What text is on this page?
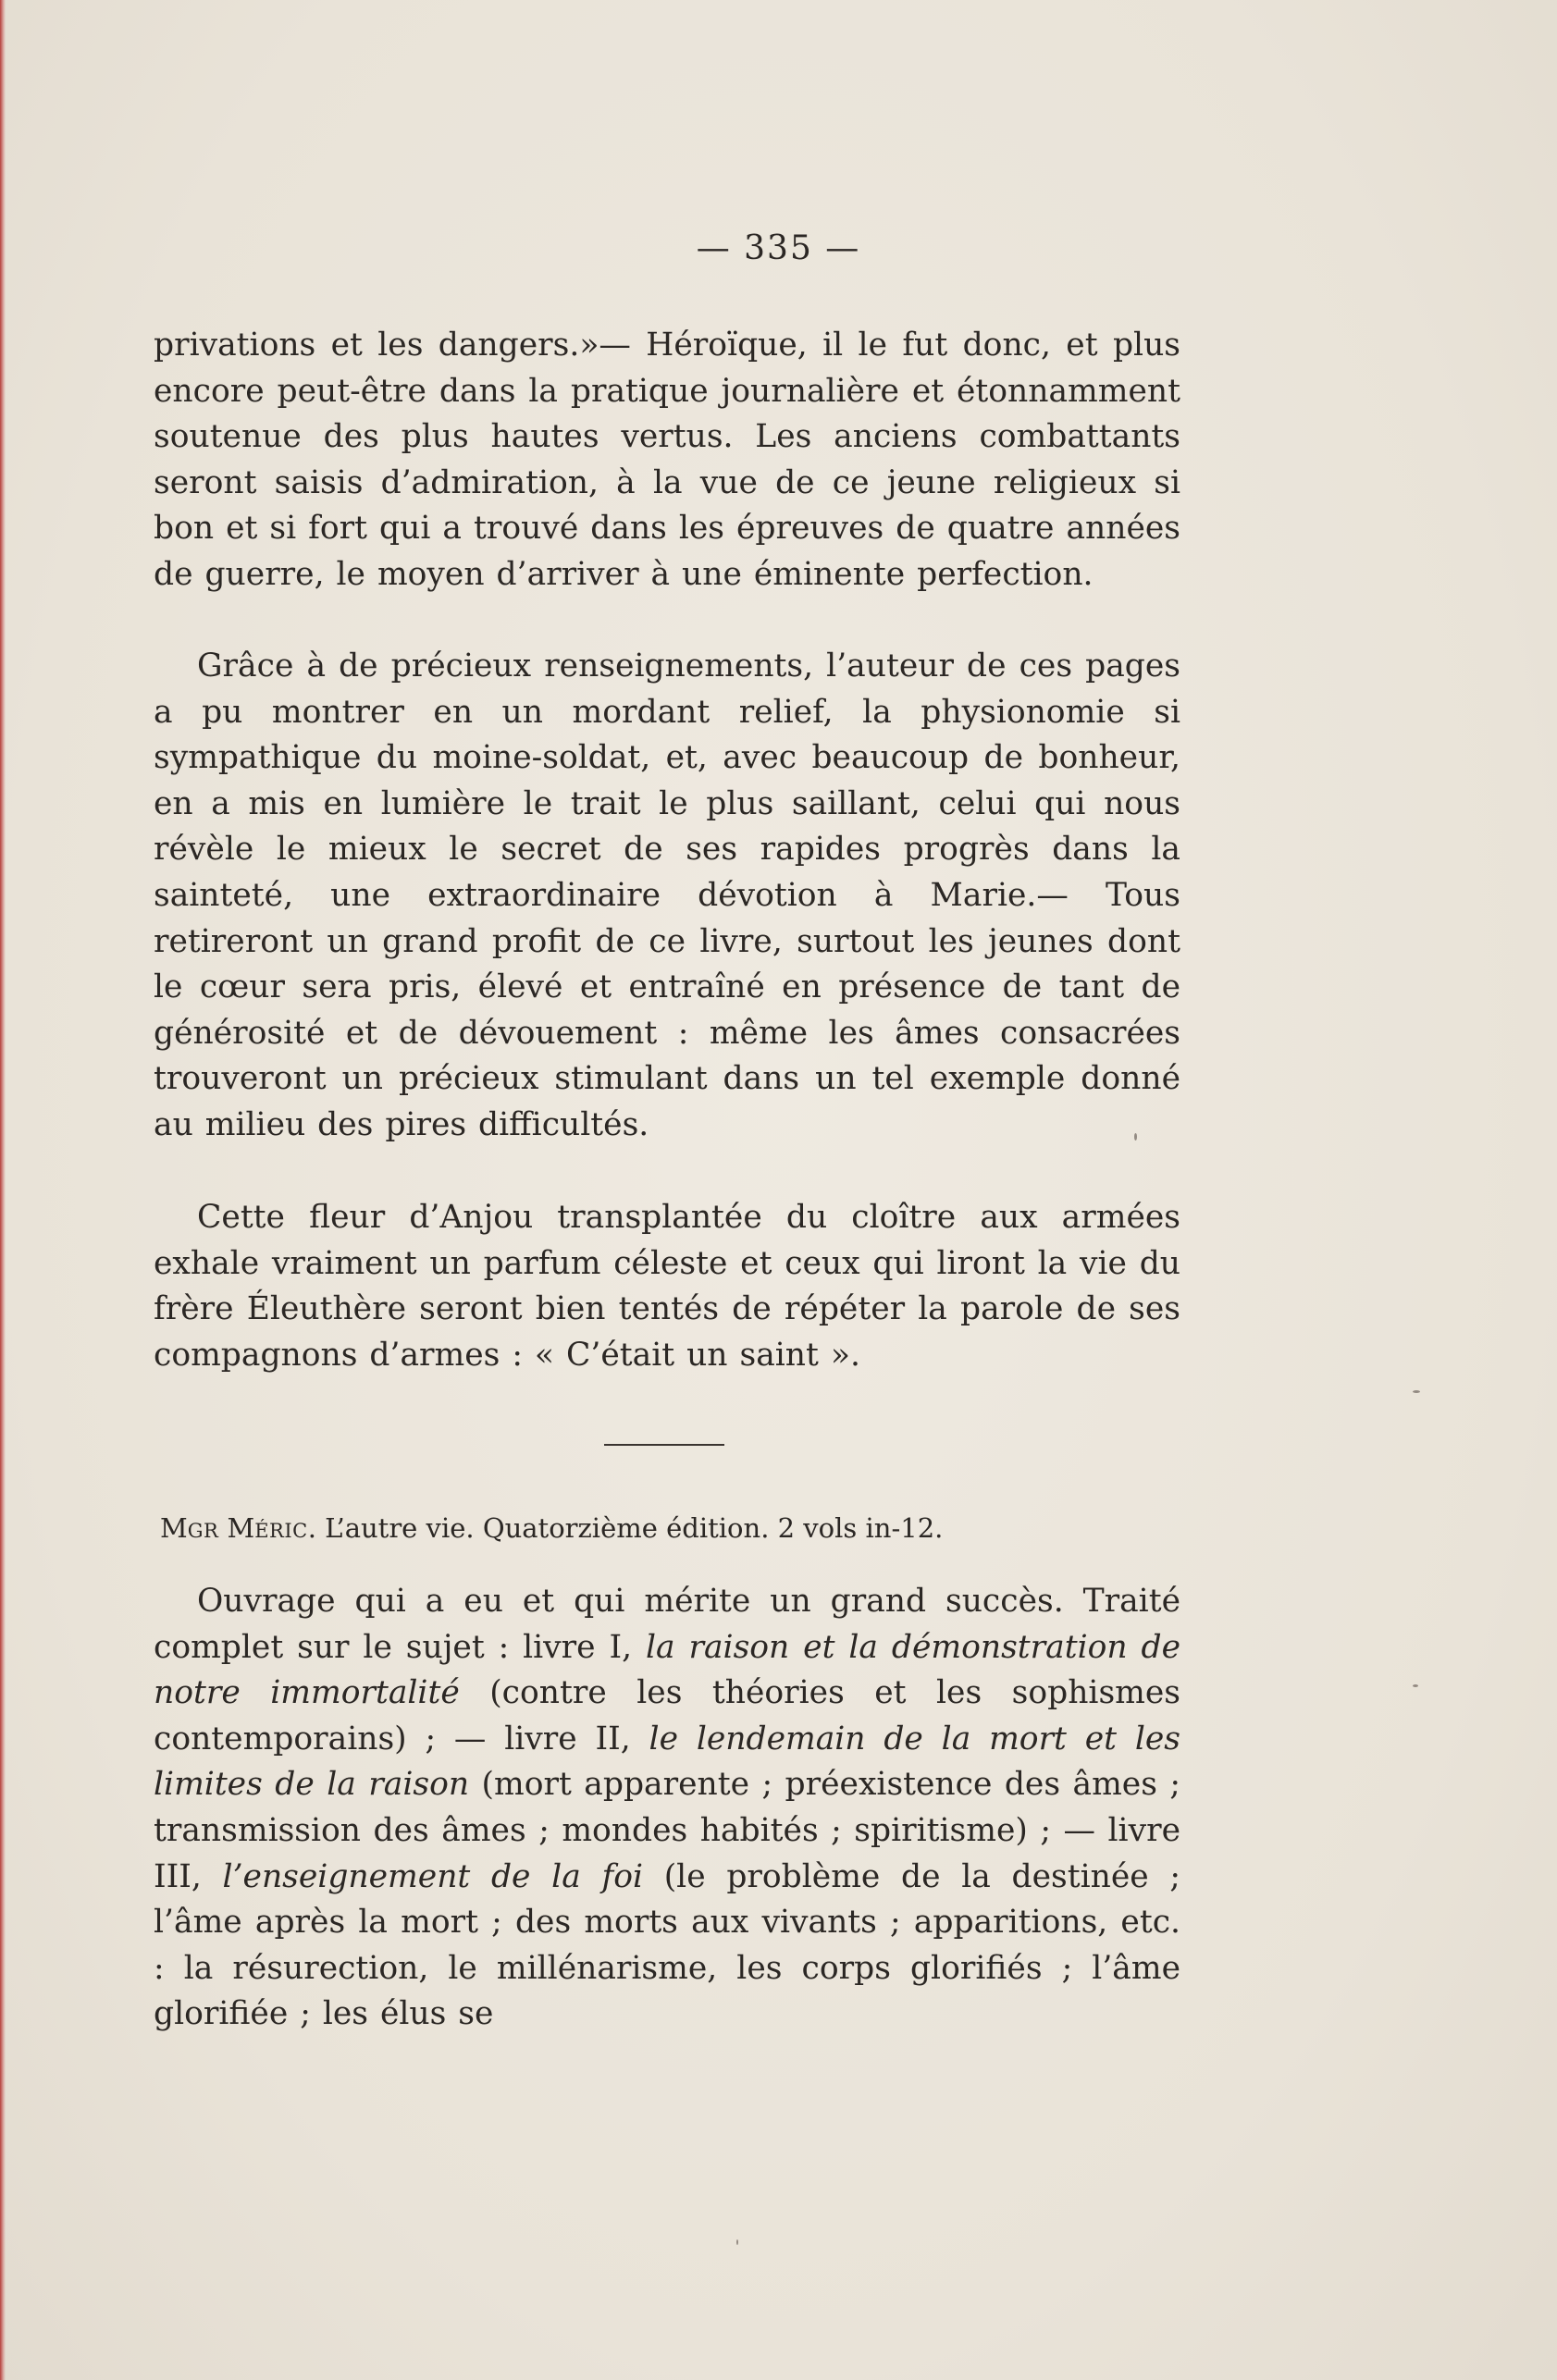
— 335 —

privations et les dangers.»— Héroïque, il le fut donc, et plus encore peut-être dans la pratique journalière et étonnamment soutenue des plus hautes vertus. Les anciens combattants seront saisis d’admiration, à la vue de ce jeune religieux si bon et si fort qui a trouvé dans les épreuves de quatre années de guerre, le moyen d’arriver à une éminente perfection.

Grâce à de précieux renseignements, l’auteur de ces pages a pu montrer en un mordant relief, la physionomie si sympathique du moine-soldat, et, avec beaucoup de bonheur, en a mis en lumière le trait le plus saillant, celui qui nous révèle le mieux le secret de ses rapides progrès dans la sainteté, une extraordinaire dévotion à Marie.— Tous retireront un grand profit de ce livre, surtout les jeunes dont le cœur sera pris, élevé et entraîné en présence de tant de générosité et de dévouement : même les âmes consacrées trouveront un précieux stimulant dans un tel exemple donné au milieu des pires difficultés.

Cette fleur d’Anjou transplantée du cloître aux armées exhale vraiment un parfum céleste et ceux qui liront la vie du frère Éleuthère seront bien tentés de répéter la parole de ses compagnons d’armes : « C’était un saint ».

MGR MÉRIC. L’autre vie. Quatorzième édition. 2 vols in-12.

Ouvrage qui a eu et qui mérite un grand succès. Traité complet sur le sujet : livre I, la raison et la démonstration de notre immortalité (contre les théories et les sophismes contemporains) ; — livre II, le lendemain de la mort et les limites de la raison (mort apparente ; préexistence des âmes ; transmission des âmes ; mondes habités ; spiritisme) ; — livre III, l’enseignement de la foi (le problème de la destinée ; l’âme après la mort ; des morts aux vivants ; apparitions, etc. : la résurection, le millénarisme, les corps glorifiés ; l’âme glorifiée ; les élus se
